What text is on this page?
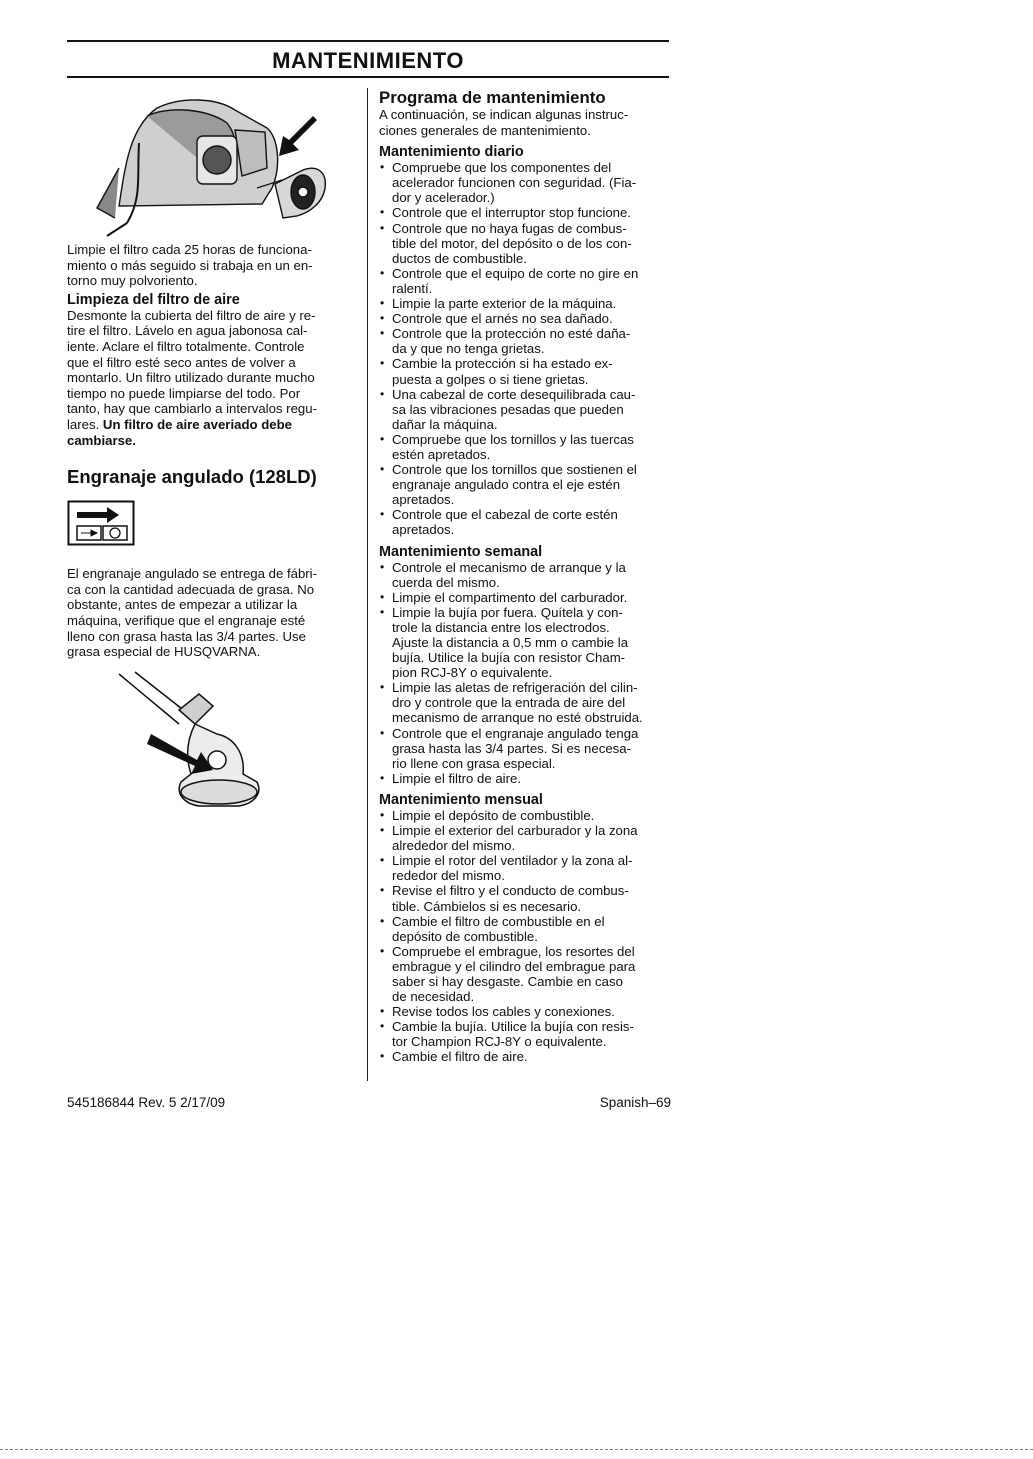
MANTENIMIENTO

Limpie el filtro cada 25 horas de funciona-
miento o más seguido si trabaja en un en-
torno muy polvoriento.

Limpieza del filtro de aire

Desmonte la cubierta del filtro de aire y re-
tire el filtro. Lávelo en agua jabonosa cal-
iente. Aclare el filtro totalmente. Controle
que el filtro esté seco antes de volver a
montarlo. Un filtro utilizado durante mucho
tiempo no puede limpiarse del todo. Por
tanto, hay que cambiarlo a intervalos regu-
lares. Un filtro de aire averiado debe
cambiarse.

Engranaje angulado (128LD)

El engranaje angulado se entrega de fábri-
ca con la cantidad adecuada de grasa. No
obstante, antes de empezar a utilizar la
máquina, verifique que el engranaje esté
lleno con grasa hasta las 3/4 partes. Use
grasa especial de HUSQVARNA.

Programa de mantenimiento

A continuación, se indican algunas instruc-
ciones generales de mantenimiento.

Mantenimiento diario
• Compruebe que los componentes del
acelerador funcionen con seguridad. (Fia-
dor y acelerador.)
• Controle que el interruptor stop funcione.
• Controle que no haya fugas de combus-
tible del motor, del depósito o de los con-
ductos de combustible.
• Controle que el equipo de corte no gire en
ralentí.
• Limpie la parte exterior de la máquina.
• Controle que el arnés no sea dañado.
• Controle que la protección no esté daña-
da y que no tenga grietas.
• Cambie la protección si ha estado ex-
puesta a golpes o si tiene grietas.
• Una cabezal de corte desequilibrada cau-
sa las vibraciones pesadas que pueden
dañar la máquina.
• Compruebe que los tornillos y las tuercas
estén apretados.
• Controle que los tornillos que sostienen el
engranaje angulado contra el eje estén
apretados.
• Controle que el cabezal de corte estén
apretados.
Mantenimiento semanal
• Controle el mecanismo de arranque y la
cuerda del mismo.
• Limpie el compartimento del carburador.
• Limpie la bujía por fuera. Quítela y con-
trole la distancia entre los electrodos.
Ajuste la distancia a 0,5 mm o cambie la
bujía. Utilice la bujía con resistor Cham-
pion RCJ-8Y o equivalente.
• Limpie las aletas de refrigeración del cilin-
dro y controle que la entrada de aire del
mecanismo de arranque no esté obstruida.
• Controle que el engranaje angulado tenga
grasa hasta las 3/4 partes. Si es necesa-
rio llene con grasa especial.
• Limpie el filtro de aire.
Mantenimiento mensual
• Limpie el depósito de combustible.
• Limpie el exterior del carburador y la zona
alrededor del mismo.
• Limpie el rotor del ventilador y la zona al-
rededor del mismo.
• Revise el filtro y el conducto de combus-
tible. Cámbielos si es necesario.
• Cambie el filtro de combustible en el
depósito de combustible.
• Compruebe el embrague, los resortes del
embrague y el cilindro del embrague para
saber si hay desgaste. Cambie en caso
de necesidad.
• Revise todos los cables y conexiones.
• Cambie la bujía. Utilice la bujía con resis-
tor Champion RCJ-8Y o equivalente.
• Cambie el filtro de aire.
545186844 Rev. 5 2/17/09	Spanish–69
